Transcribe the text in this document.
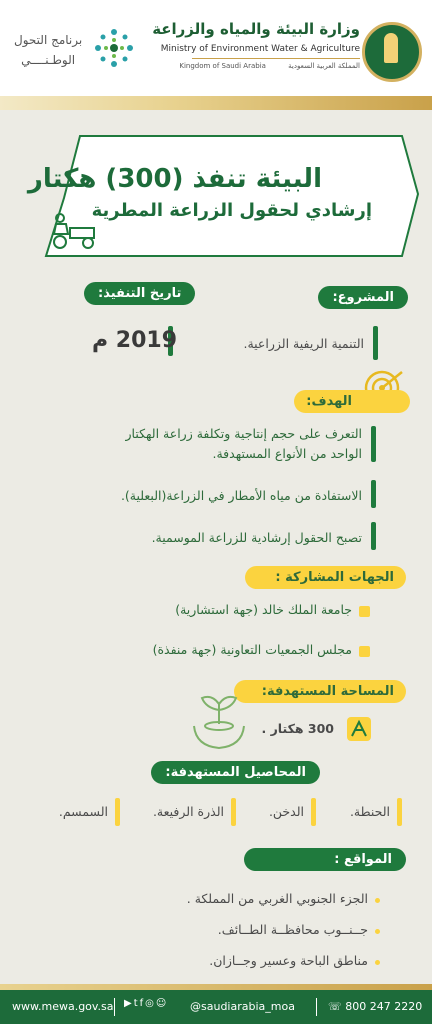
وزارة البيئة والمياه والزراعة
Ministry of Environment Water & Agriculture
Kingdom of Saudi Arabia	المملكة العربية السعودية
برنامج التحول
الوطـنــــي
البيئة تنفذ (300) هكتار
إرشادي لحقول الزراعة المطرية
المشروع:
تاريخ التنفيذ:
التنمية الريفية الزراعية.
2019 م
الهدف:
التعرف على حجم إنتاجية وتكلفة زراعة الهكتار
الواحد من الأنواع المستهدفة.
الاستفادة من مياه الأمطار في الزراعة(البعلية).
تصبح الحقول إرشادية للزراعة الموسمية.
الجهات المشاركة :
جامعة الملك خالد (جهة استشارية)
مجلس الجمعيات التعاونية (جهة منفذة)
المساحة المستهدفة:
300 هكتار .
المحاصيل المستهدفة:
الحنطة.
الدخن.
الذرة الرفيعة.
السمسم.
المواقع :
الجزء الجنوبي الغربي من المملكة .
جــنــوب محافظــة الطــائف.
مناطق الباحة وعسير وجــازان.
www.mewa.gov.sa ▶tf◎☺ @saudiarabia_moa	☏ 800 247 2220
